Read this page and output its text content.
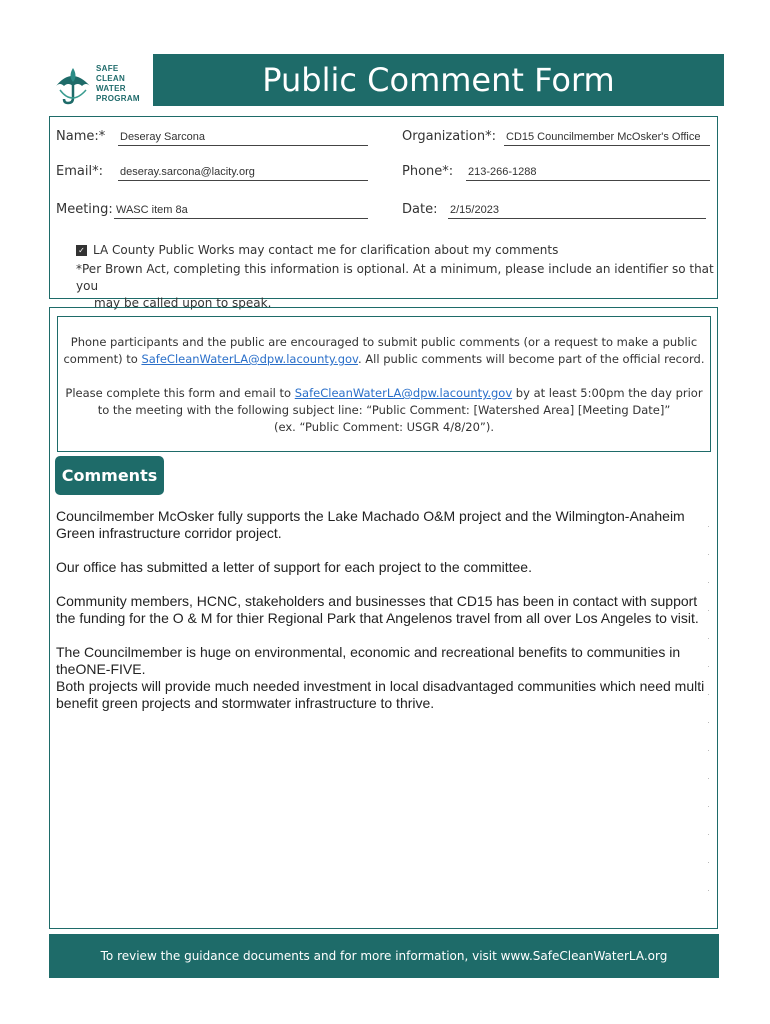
SAFE
CLEAN
WATER
PROGRAM	Public Comment Form
Name:* Deseray Sarcona	Organization*: CD15 Councilmember McOsker's Office
Email*: deseray.sarcona@lacity.org	Phone*: 213-266-1288
Meeting: WASC item 8a	Date: 2/15/2023
✓ LA County Public Works may contact me for clarification about my comments
*Per Brown Act, completing this information is optional. At a minimum, please include an identifier so that you
may be called upon to speak.

Phone participants and the public are encouraged to submit public comments (or a request to make a public comment) to SafeCleanWaterLA@dpw.lacounty.gov. All public comments will become part of the official record.

Please complete this form and email to SafeCleanWaterLA@dpw.lacounty.gov by at least 5:00pm the day prior to the meeting with the following subject line: “Public Comment: [Watershed Area] [Meeting Date]”
(ex. “Public Comment: USGR 4/8/20”).

Comments

Councilmember McOsker fully supports the Lake Machado O&M project and the Wilmington-Anaheim Green infrastructure corridor project.

Our office has submitted a letter of support for each project to the committee.

Community members, HCNC, stakeholders and businesses that CD15 has been in contact with support the funding for the O & M for thier Regional Park that Angelenos travel from all over Los Angeles to visit.

The Councilmember is huge on environmental, economic and recreational benefits to communities in theONE-FIVE.
Both projects will provide much needed investment in local disadvantaged communities which need multi benefit green projects and stormwater infrastructure to thrive.

To review the guidance documents and for more information, visit www.SafeCleanWaterLA.org
